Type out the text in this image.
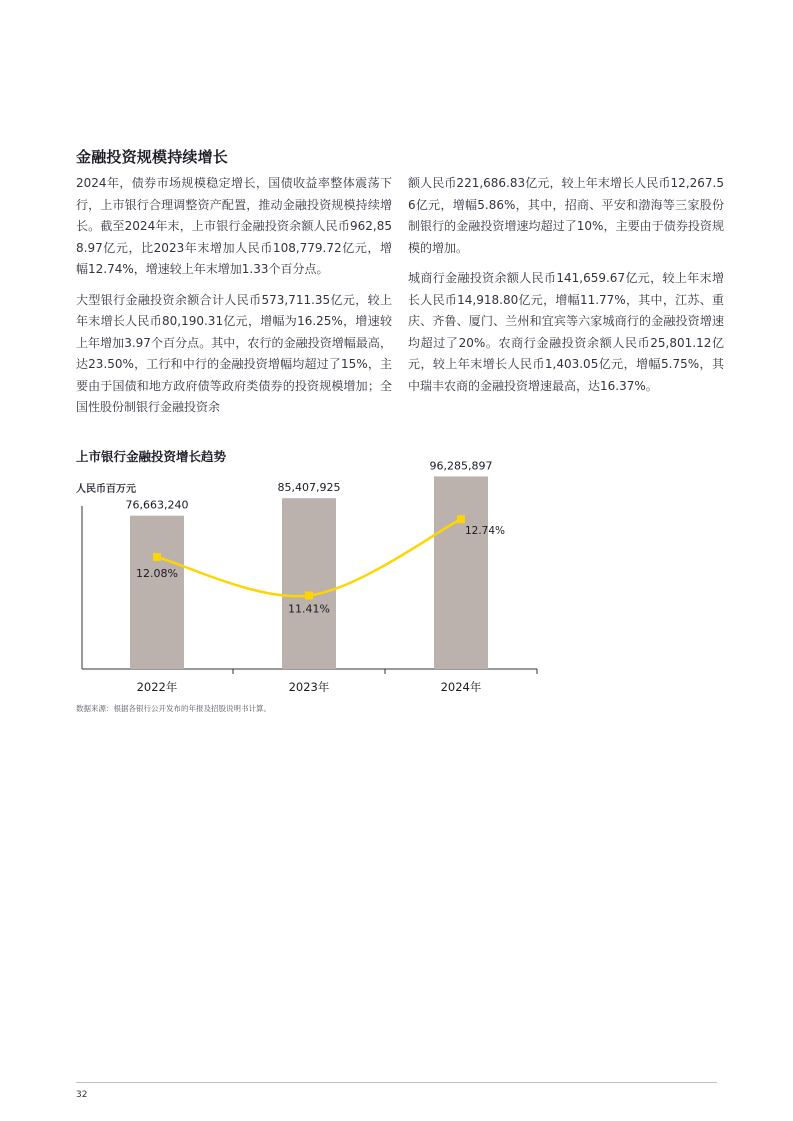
金融投资规模持续增长

2024年，债券市场规模稳定增长，国债收益率整体震荡下行，上市银行合理调整资产配置，推动金融投资规模持续增长。截至2024年末，上市银行金融投资余额人民币962,858.97亿元，比2023年末增加人民币108,779.72亿元，增幅12.74%，增速较上年末增加1.33个百分点。

大型银行金融投资余额合计人民币573,711.35亿元，较上年末增长人民币80,190.31亿元，增幅为16.25%，增速较上年增加3.97个百分点。其中，农行的金融投资增幅最高，达23.50%，工行和中行的金融投资增幅均超过了15%，主要由于国债和地方政府债等政府类债券的投资规模增加；全国性股份制银行金融投资余

额人民币221,686.83亿元，较上年末增长人民币12,267.56亿元，增幅5.86%，其中，招商、平安和渤海等三家股份制银行的金融投资增速均超过了10%，主要由于债券投资规模的增加。

城商行金融投资余额人民币141,659.67亿元，较上年末增长人民币14,918.80亿元，增幅11.77%，其中，江苏、重庆、齐鲁、厦门、兰州和宜宾等六家城商行的金融投资增速均超过了20%。农商行金融投资余额人民币25,801.12亿元，较上年末增长人民币1,403.05亿元，增幅5.75%，其中瑞丰农商的金融投资增速最高，达16.37%。

上市银行金融投资增长趋势
人民币百万元
76,663,240
85,407,925
96,285,897
2022年	2023年	2024年
12.08%
11.41%
12.74%
数据来源：根据各银行公开发布的年报及招股说明书计算。
32
